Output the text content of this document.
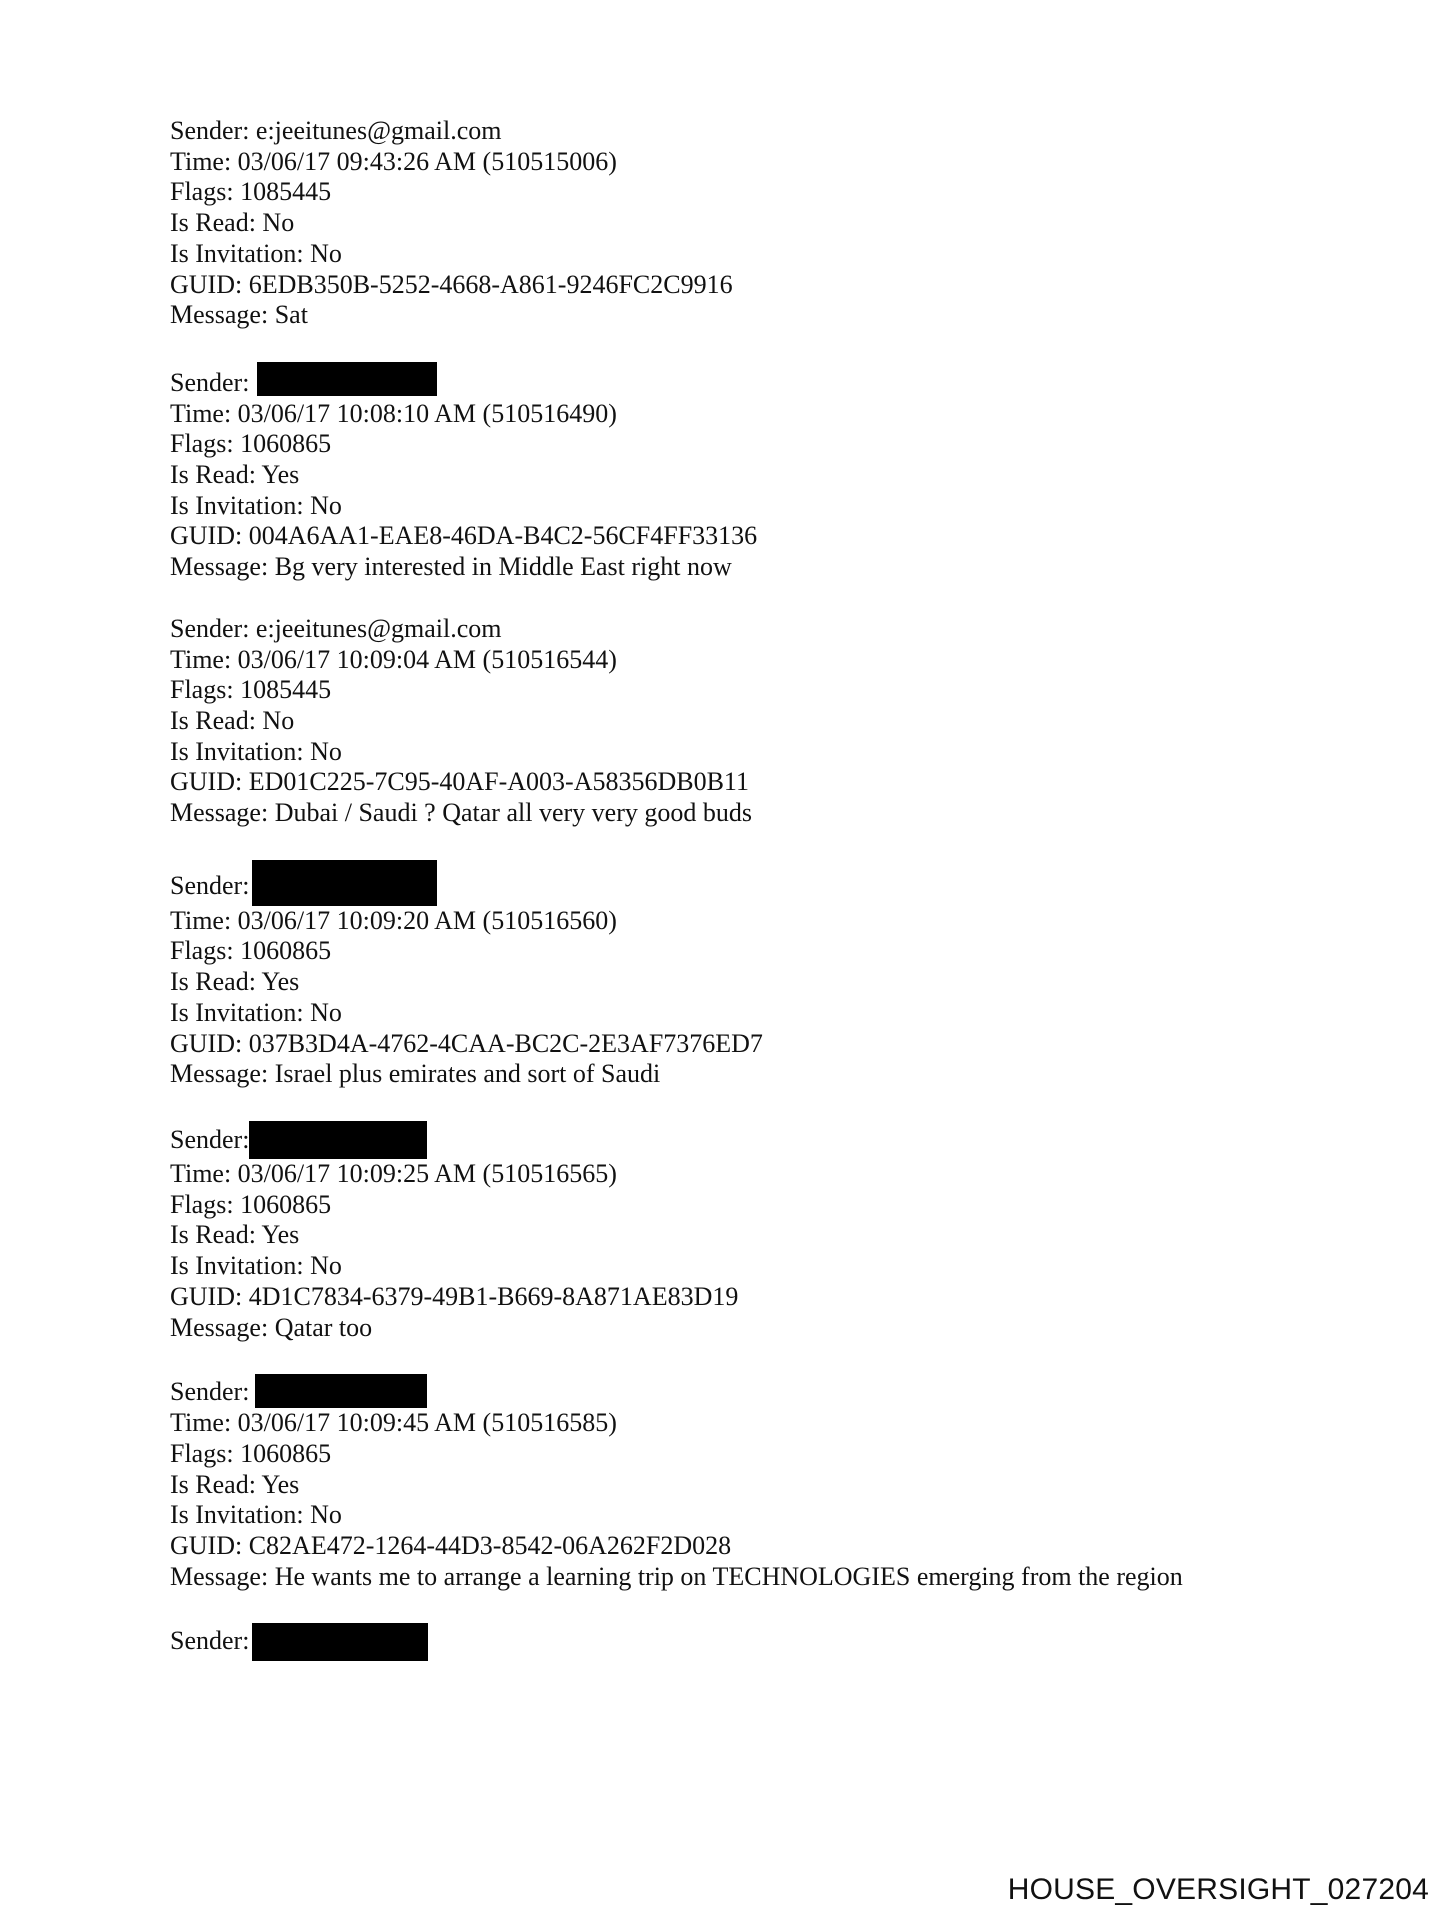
Sender: e:jeeitunes@gmail.com
Time: 03/06/17 09:43:26 AM (510515006)
Flags: 1085445
Is Read: No
Is Invitation: No
GUID: 6EDB350B-5252-4668-A861-9246FC2C9916
Message: Sat
Sender:
Time: 03/06/17 10:08:10 AM (510516490)
Flags: 1060865
Is Read: Yes
Is Invitation: No
GUID: 004A6AA1-EAE8-46DA-B4C2-56CF4FF33136
Message: Bg very interested in Middle East right now
Sender: e:jeeitunes@gmail.com
Time: 03/06/17 10:09:04 AM (510516544)
Flags: 1085445
Is Read: No
Is Invitation: No
GUID: ED01C225-7C95-40AF-A003-A58356DB0B11
Message: Dubai / Saudi ? Qatar all very very good buds
Sender:
Time: 03/06/17 10:09:20 AM (510516560)
Flags: 1060865
Is Read: Yes
Is Invitation: No
GUID: 037B3D4A-4762-4CAA-BC2C-2E3AF7376ED7
Message: Israel plus emirates and sort of Saudi
Sender:
Time: 03/06/17 10:09:25 AM (510516565)
Flags: 1060865
Is Read: Yes
Is Invitation: No
GUID: 4D1C7834-6379-49B1-B669-8A871AE83D19
Message: Qatar too
Sender:
Time: 03/06/17 10:09:45 AM (510516585)
Flags: 1060865
Is Read: Yes
Is Invitation: No
GUID: C82AE472-1264-44D3-8542-06A262F2D028
Message: He wants me to arrange a learning trip on TECHNOLOGIES emerging from the region
Sender:
HOUSE_OVERSIGHT_027204
